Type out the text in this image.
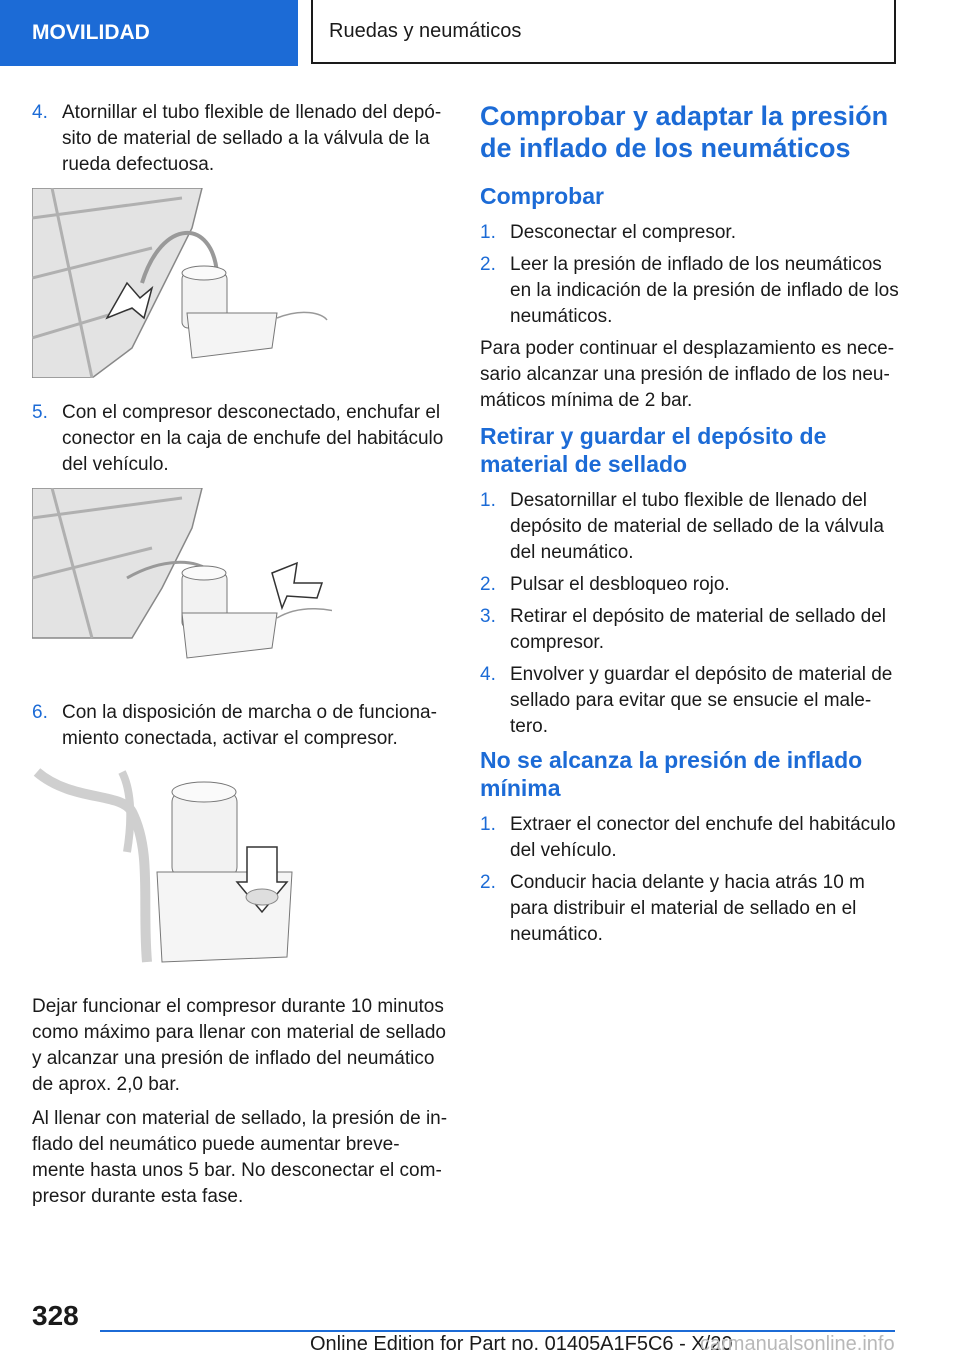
MOVILIDAD	Ruedas y neumáticos
4. Atornillar el tubo flexible de llenado del depó-sito de material de sellado a la válvula de la rueda defectuosa.
5. Con el compresor desconectado, enchufar el conector en la caja de enchufe del habitáculo del vehículo.
6. Con la disposición de marcha o de funciona-miento conectada, activar el compresor.

Dejar funcionar el compresor durante 10 minutos como máximo para llenar con material de sellado y alcanzar una presión de inflado del neumático de aprox. 2,0 bar.

Al llenar con material de sellado, la presión de in-flado del neumático puede aumentar breve-mente hasta unos 5 bar. No desconectar el com-presor durante esta fase.

Comprobar y adaptar la presión de inflado de los neumáticos
Comprobar
1. Desconectar el compresor.
2. Leer la presión de inflado de los neumáticos en la indicación de la presión de inflado de los neumáticos.

Para poder continuar el desplazamiento es nece-sario alcanzar una presión de inflado de los neu-máticos mínima de 2 bar.

Retirar y guardar el depósito de material de sellado
1. Desatornillar el tubo flexible de llenado del depósito de material de sellado de la válvula del neumático.
2. Pulsar el desbloqueo rojo.
3. Retirar el depósito de material de sellado del compresor.
4. Envolver y guardar el depósito de material de sellado para evitar que se ensucie el male-tero.
No se alcanza la presión de inflado mínima
1. Extraer el conector del enchufe del habitáculo del vehículo.
2. Conducir hacia delante y hacia atrás 10 m para distribuir el material de sellado en el neumático.
328
Online Edition for Part no. 01405A1F5C6 - X/20
carmanualsonline.info
